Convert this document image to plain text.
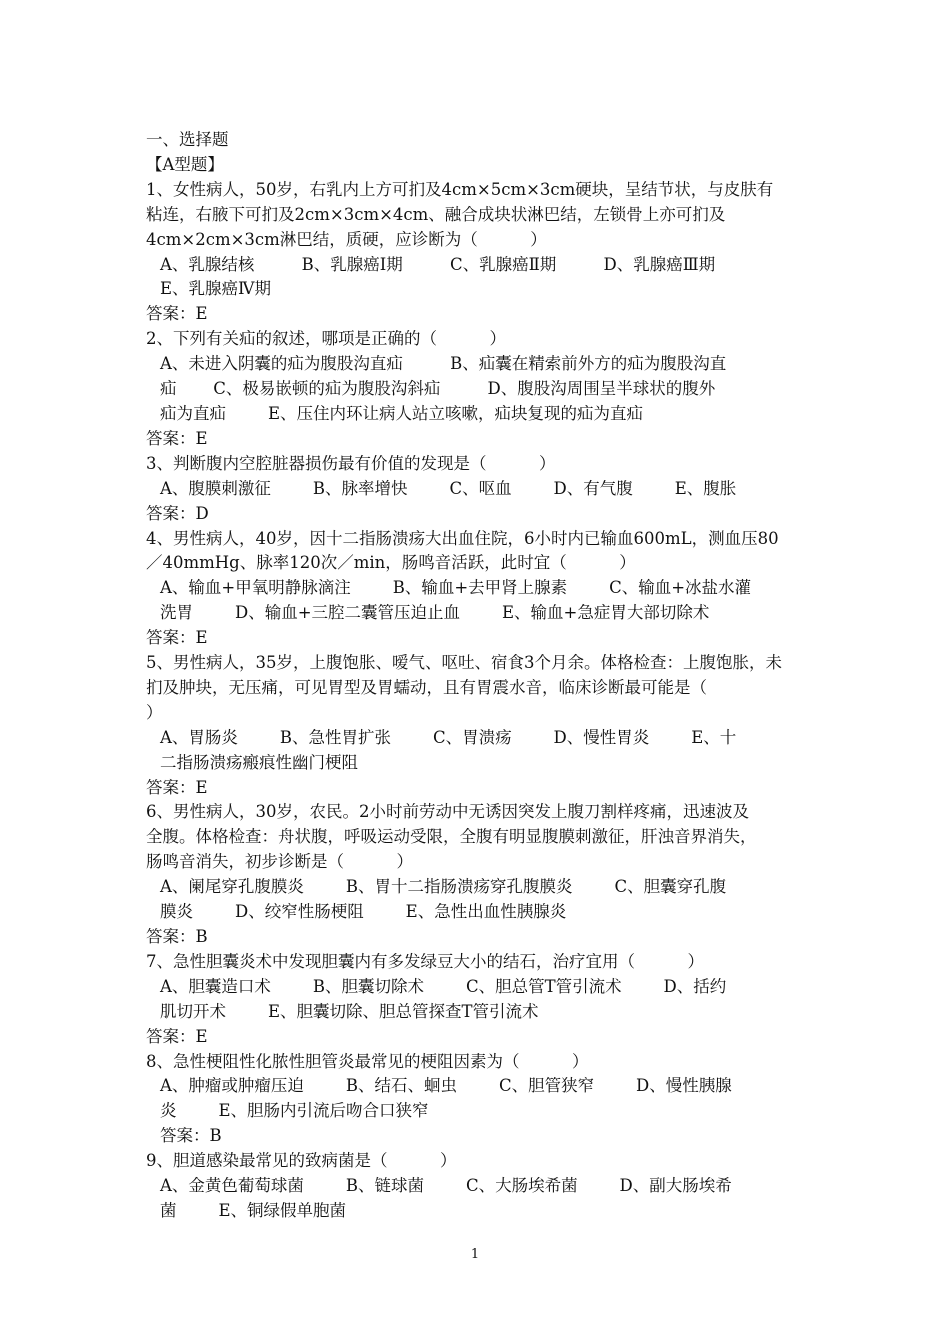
一、选择题
【A型题】
1、女性病人，50岁，右乳内上方可扪及4cm×5cm×3cm硬块，呈结节状，与皮肤有
粘连，右腋下可扪及2cm×3cm×4cm、融合成块状淋巴结，左锁骨上亦可扪及
4cm×2cm×3cm淋巴结，质硬，应诊断为（          ）
A、乳腺结核         B、乳腺癌Ⅰ期         C、乳腺癌Ⅱ期         D、乳腺癌Ⅲ期
E、乳腺癌Ⅳ期
答案：E
2、下列有关疝的叙述，哪项是正确的（          ）
A、未进入阴囊的疝为腹股沟直疝         B、疝囊在精索前外方的疝为腹股沟直
疝       C、极易嵌顿的疝为腹股沟斜疝         D、腹股沟周围呈半球状的腹外
疝为直疝        E、压住内环让病人站立咳嗽，疝块复现的疝为直疝
答案：E
3、判断腹内空腔脏器损伤最有价值的发现是（          ）
A、腹膜刺激征        B、脉率增快        C、呕血        D、有气腹        E、腹胀
答案：D
4、男性病人，40岁，因十二指肠溃疡大出血住院，6小时内已输血600mL，测血压80
／40mmHg、脉率120次／min，肠鸣音活跃，此时宜（          ）
A、输血+甲氧明静脉滴注        B、输血+去甲肾上腺素        C、输血+冰盐水灌
洗胃        D、输血+三腔二囊管压迫止血        E、输血+急症胃大部切除术
答案：E
5、男性病人，35岁，上腹饱胀、嗳气、呕吐、宿食3个月余。体格检查：上腹饱胀，未
扪及肿块，无压痛，可见胃型及胃蠕动，且有胃震水音，临床诊断最可能是（
）
A、胃肠炎        B、急性胃扩张        C、胃溃疡        D、慢性胃炎        E、十
二指肠溃疡瘢痕性幽门梗阻
答案：E
6、男性病人，30岁，农民。2小时前劳动中无诱因突发上腹刀割样疼痛，迅速波及
全腹。体格检查：舟状腹，呼吸运动受限，全腹有明显腹膜刺激征，肝浊音界消失，
肠鸣音消失，初步诊断是（          ）
A、阑尾穿孔腹膜炎        B、胃十二指肠溃疡穿孔腹膜炎        C、胆囊穿孔腹
膜炎        D、绞窄性肠梗阻        E、急性出血性胰腺炎
答案：B
7、急性胆囊炎术中发现胆囊内有多发绿豆大小的结石，治疗宜用（          ）
A、胆囊造口术        B、胆囊切除术        C、胆总管T管引流术        D、括约
肌切开术        E、胆囊切除、胆总管探查T管引流术
答案：E
8、急性梗阻性化脓性胆管炎最常见的梗阻因素为（          ）
A、肿瘤或肿瘤压迫        B、结石、蛔虫        C、胆管狭窄        D、慢性胰腺
炎        E、胆肠内引流后吻合口狭窄
答案：B
9、胆道感染最常见的致病菌是（          ）
A、金黄色葡萄球菌        B、链球菌        C、大肠埃希菌        D、副大肠埃希
菌        E、铜绿假单胞菌
1
